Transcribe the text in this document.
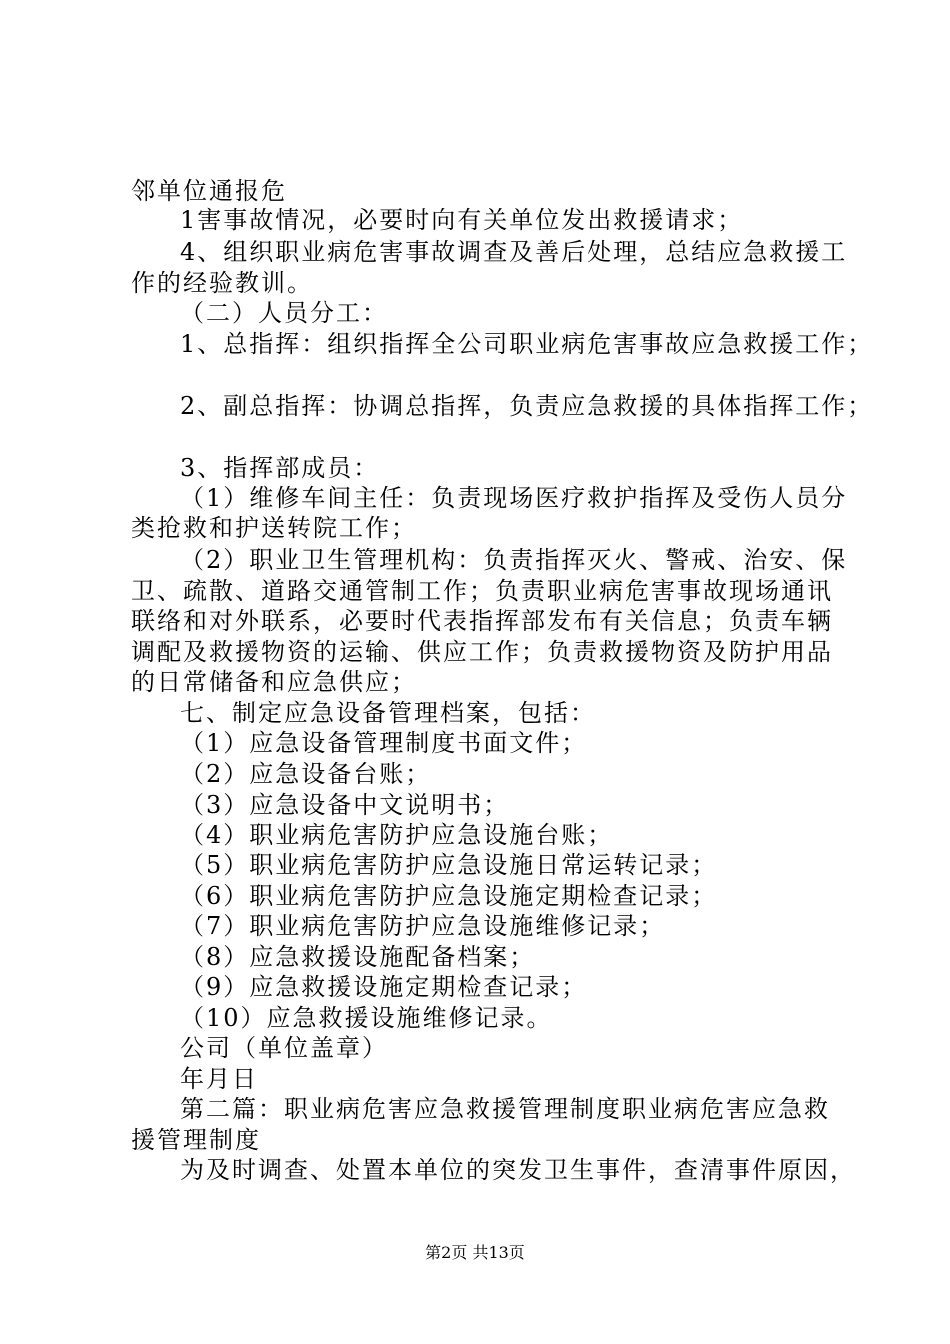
邻单位通报危
1害事故情况，必要时向有关单位发出救援请求；
4、组织职业病危害事故调查及善后处理，总结应急救援工
作的经验教训。
（二）人员分工：
1、总指挥：组织指挥全公司职业病危害事故应急救援工作；
2、副总指挥：协调总指挥，负责应急救援的具体指挥工作；
3、指挥部成员：
（1）维修车间主任：负责现场医疗救护指挥及受伤人员分
类抢救和护送转院工作；
（2）职业卫生管理机构：负责指挥灭火、警戒、治安、保
卫、疏散、道路交通管制工作；负责职业病危害事故现场通讯
联络和对外联系，必要时代表指挥部发布有关信息；负责车辆
调配及救援物资的运输、供应工作；负责救援物资及防护用品
的日常储备和应急供应；
七、制定应急设备管理档案，包括：
（1）应急设备管理制度书面文件；
（2）应急设备台账；
（3）应急设备中文说明书；
（4）职业病危害防护应急设施台账；
（5）职业病危害防护应急设施日常运转记录；
（6）职业病危害防护应急设施定期检查记录；
（7）职业病危害防护应急设施维修记录；
（8）应急救援设施配备档案；
（9）应急救援设施定期检查记录；
（10）应急救援设施维修记录。
公司（单位盖章）
年月日
第二篇：职业病危害应急救援管理制度职业病危害应急救
援管理制度
为及时调查、处置本单位的突发卫生事件，查清事件原因，
第2页 共13页
